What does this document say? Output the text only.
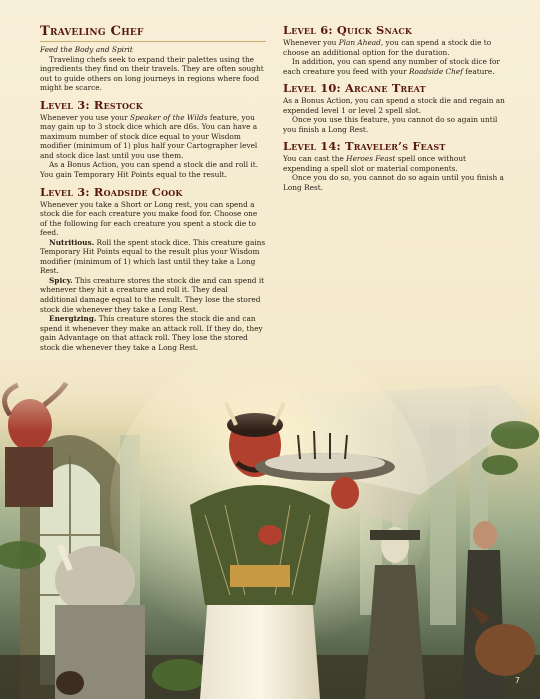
Traveling Chef

Feed the Body and Spirit

Traveling chefs seek to expand their palettes using the ingredients they find on their travels. They are often sought out to guide others on long journeys in regions where food might be scarce.

Level 3: Restock

Whenever you use your Speaker of the Wilds feature, you may gain up to 3 stock dice which are d6s. You can have a maximum number of stock dice equal to your Wisdom modifier (minimum of 1) plus half your Cartographer level and stock dice last until you use them.

As a Bonus Action, you can spend a stock die and roll it. You gain Temporary Hit Points equal to the result.

Level 3: Roadside Cook

Whenever you take a Short or Long rest, you can spend a stock die for each creature you make food for. Choose one of the following for each creature you spent a stock die to feed.

Nutritious. Roll the spent stock dice. This creature gains Temporary Hit Points equal to the result plus your Wisdom modifier (minimum of 1) which last until they take a Long Rest.

Spicy. This creature stores the stock die and can spend it whenever they hit a creature and roll it. They deal additional damage equal to the result. They lose the stored stock die whenever they take a Long Rest.

Energizing. This creature stores the stock die and can spend it whenever they make an attack roll. If they do, they gain Advantage on that attack roll. They lose the stored stock die whenever they take a Long Rest.

Level 6: Quick Snack

Whenever you Plan Ahead, you can spend a stock die to choose an additional option for the duration.

In addition, you can spend any number of stock dice for each creature you feed with your Roadside Chef feature.

Level 10: Arcane Treat

As a Bonus Action, you can spend a stock die and regain an expended level 1 or level 2 spell slot.

Once you use this feature, you cannot do so again until you finish a Long Rest.

Level 14: Traveler’s Feast

You can cast the Heroes Feast spell once without expending a spell slot or material components.

Once you do so, you cannot do so again until you finish a Long Rest.

7
